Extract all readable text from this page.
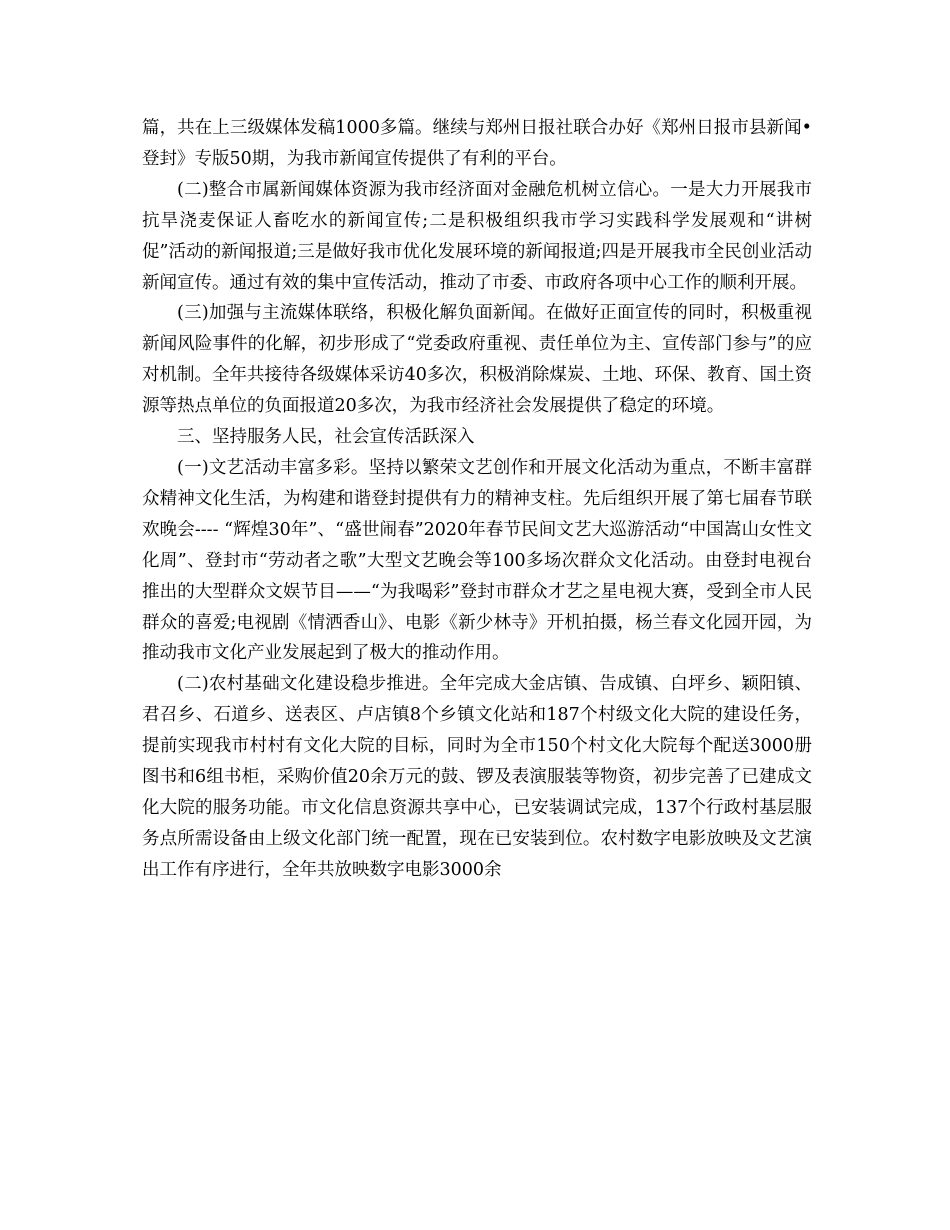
篇，共在上三级媒体发稿1000多篇。继续与郑州日报社联合办好《郑州日报市县新闻•登封》专版50期，为我市新闻宣传提供了有利的平台。

(二)整合市属新闻媒体资源为我市经济面对金融危机树立信心。一是大力开展我市抗旱浇麦保证人畜吃水的新闻宣传;二是积极组织我市学习实践科学发展观和“讲树促”活动的新闻报道;三是做好我市优化发展环境的新闻报道;四是开展我市全民创业活动新闻宣传。通过有效的集中宣传活动，推动了市委、市政府各项中心工作的顺利开展。

(三)加强与主流媒体联络，积极化解负面新闻。在做好正面宣传的同时，积极重视新闻风险事件的化解，初步形成了“党委政府重视、责任单位为主、宣传部门参与”的应对机制。全年共接待各级媒体采访40多次，积极消除煤炭、土地、环保、教育、国土资源等热点单位的负面报道20多次，为我市经济社会发展提供了稳定的环境。

三、坚持服务人民，社会宣传活跃深入

(一)文艺活动丰富多彩。坚持以繁荣文艺创作和开展文化活动为重点，不断丰富群众精神文化生活，为构建和谐登封提供有力的精神支柱。先后组织开展了第七届春节联欢晚会---- “辉煌30年”、“盛世闹春”2020年春节民间文艺大巡游活动“中国嵩山女性文化周”、登封市“劳动者之歌”大型文艺晚会等100多场次群众文化活动。由登封电视台推出的大型群众文娱节目——“为我喝彩”登封市群众才艺之星电视大赛，受到全市人民群众的喜爱;电视剧《情洒香山》、电影《新少林寺》开机拍摄，杨兰春文化园开园，为推动我市文化产业发展起到了极大的推动作用。

(二)农村基础文化建设稳步推进。全年完成大金店镇、告成镇、白坪乡、颖阳镇、君召乡、石道乡、送表区、卢店镇8个乡镇文化站和187个村级文化大院的建设任务，提前实现我市村村有文化大院的目标，同时为全市150个村文化大院每个配送3000册图书和6组书柜，采购价值20余万元的鼓、锣及表演服装等物资，初步完善了已建成文化大院的服务功能。市文化信息资源共享中心，已安装调试完成，137个行政村基层服务点所需设备由上级文化部门统一配置，现在已安装到位。农村数字电影放映及文艺演出工作有序进行，全年共放映数字电影3000余
